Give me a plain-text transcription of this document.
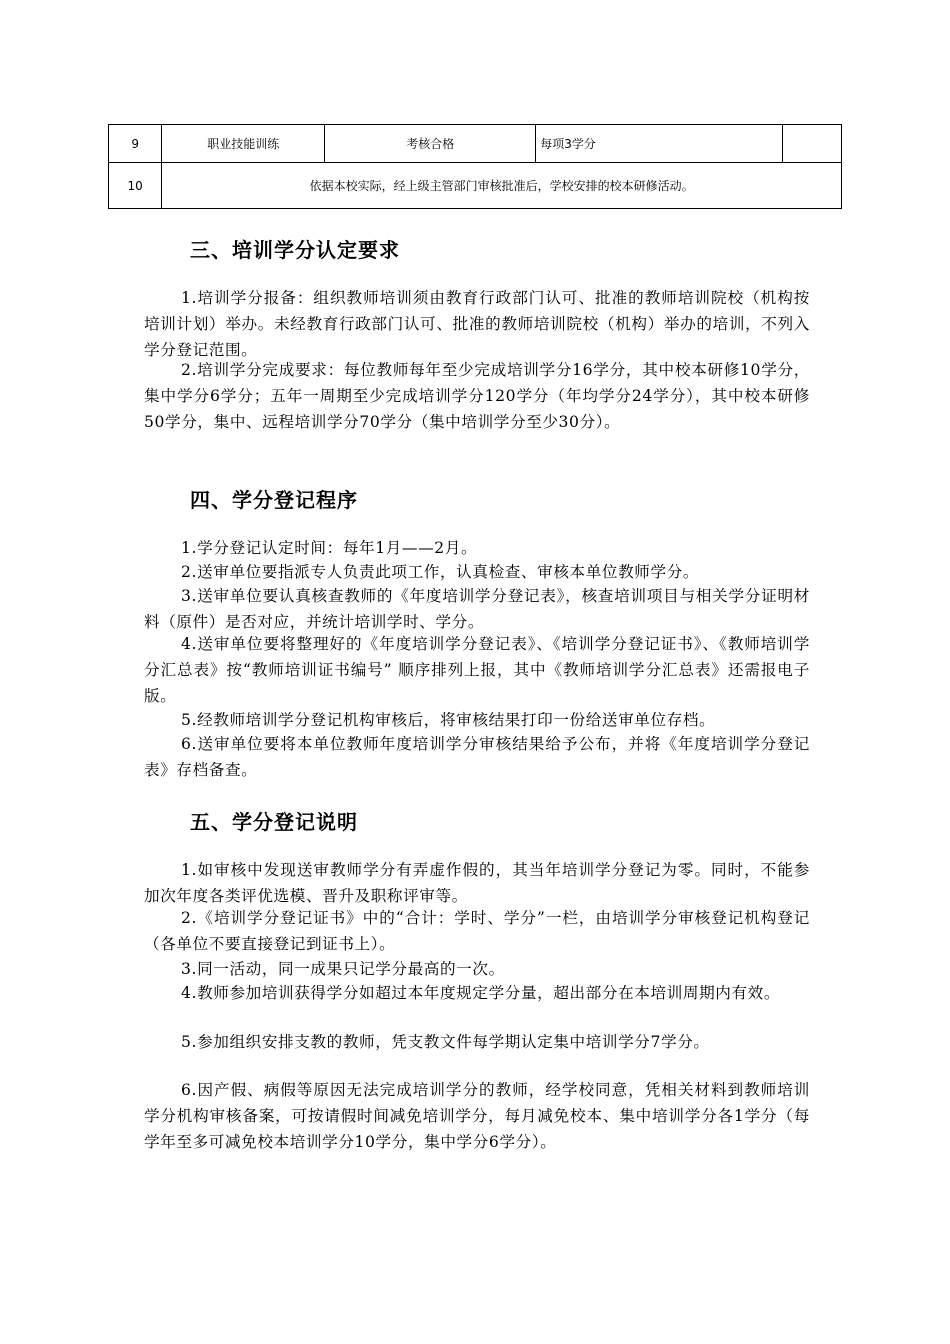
9	职业技能训练	考核合格	每项3学分	
10	依据本校实际，经上级主管部门审核批准后，学校安排的校本研修活动。			
三、培训学分认定要求

1.培训学分报备：组织教师培训须由教育行政部门认可、批准的教师培训院校（机构按培训计划）举办。未经教育行政部门认可、批准的教师培训院校（机构）举办的培训，不列入学分登记范围。

2.培训学分完成要求：每位教师每年至少完成培训学分16学分，其中校本研修10学分，集中学分6学分；五年一周期至少完成培训学分120学分（年均学分24学分），其中校本研修50学分，集中、远程培训学分70学分（集中培训学分至少30分）。

四、学分登记程序

1.学分登记认定时间：每年1月——2月。

2.送审单位要指派专人负责此项工作，认真检查、审核本单位教师学分。

3.送审单位要认真核查教师的《年度培训学分登记表》，核查培训项目与相关学分证明材料（原件）是否对应，并统计培训学时、学分。

4.送审单位要将整理好的《年度培训学分登记表》、《培训学分登记证书》、《教师培训学分汇总表》按“教师培训证书编号” 顺序排列上报，其中《教师培训学分汇总表》还需报电子版。

5.经教师培训学分登记机构审核后，将审核结果打印一份给送审单位存档。

6.送审单位要将本单位教师年度培训学分审核结果给予公布，并将《年度培训学分登记表》存档备查。

五、学分登记说明

1.如审核中发现送审教师学分有弄虚作假的，其当年培训学分登记为零。同时，不能参加次年度各类评优选模、晋升及职称评审等。

2.《培训学分登记证书》中的“合计：学时、学分”一栏，由培训学分审核登记机构登记（各单位不要直接登记到证书上）。

3.同一活动，同一成果只记学分最高的一次。

4.教师参加培训获得学分如超过本年度规定学分量，超出部分在本培训周期内有效。

5.参加组织安排支教的教师，凭支教文件每学期认定集中培训学分7学分。

6.因产假、病假等原因无法完成培训学分的教师，经学校同意，凭相关材料到教师培训学分机构审核备案，可按请假时间减免培训学分，每月减免校本、集中培训学分各1学分（每学年至多可减免校本培训学分10学分，集中学分6学分）。
